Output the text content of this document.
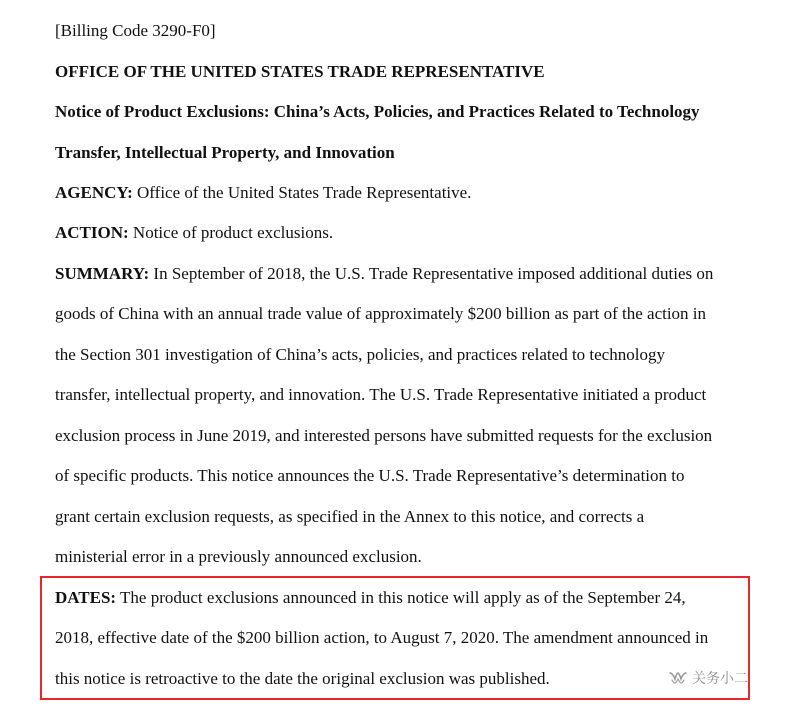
[Billing Code 3290-F0]
OFFICE OF THE UNITED STATES TRADE REPRESENTATIVE
Notice of Product Exclusions: China’s Acts, Policies, and Practices Related to Technology
Transfer, Intellectual Property, and Innovation
AGENCY: Office of the United States Trade Representative.
ACTION: Notice of product exclusions.
SUMMARY: In September of 2018, the U.S. Trade Representative imposed additional duties on
goods of China with an annual trade value of approximately $200 billion as part of the action in
the Section 301 investigation of China’s acts, policies, and practices related to technology
transfer, intellectual property, and innovation. The U.S. Trade Representative initiated a product
exclusion process in June 2019, and interested persons have submitted requests for the exclusion
of specific products. This notice announces the U.S. Trade Representative’s determination to
grant certain exclusion requests, as specified in the Annex to this notice, and corrects a
ministerial error in a previously announced exclusion.
DATES: The product exclusions announced in this notice will apply as of the September 24,
2018, effective date of the $200 billion action, to August 7, 2020. The amendment announced in
this notice is retroactive to the date the original exclusion was published.	关务小二
